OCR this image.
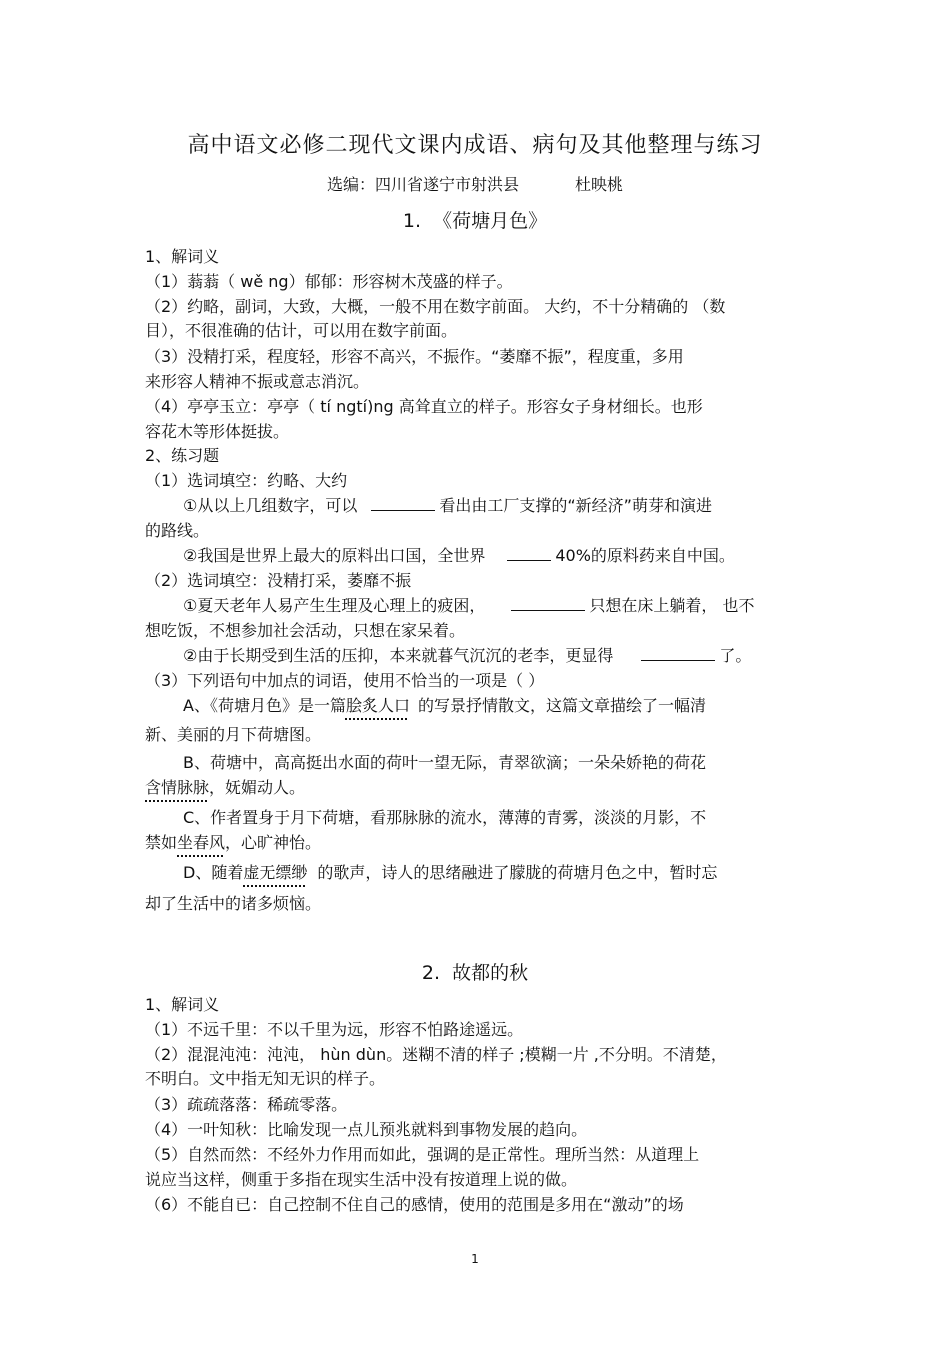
高中语文必修二现代文课内成语、病句及其他整理与练习
选编：四川省遂宁市射洪县	杜映桃
1. 《荷塘月色》
1、解词义
（1）蓊蓊（ wě ng）郁郁：形容树木茂盛的样子。
（2）约略，副词，大致，大概，一般不用在数字前面。 大约，不十分精确的 （数
目），不很准确的估计，可以用在数字前面。
（3）没精打采，程度轻，形容不高兴，不振作。“萎靡不振”，程度重，多用
来形容人精神不振或意志消沉。
（4）亭亭玉立：亭亭（ tí ngtí)ng 高耸直立的样子。形容女子身材细长。也形
容花木等形体挺拔。
2、练习题
（1）选词填空：约略、大约
①从以上几组数字，可以	看出由工厂支撑的“新经济”萌芽和演进
的路线。
②我国是世界上最大的原料出口国，全世界	40%的原料药来自中国。
（2）选词填空：没精打采，萎靡不振
①夏天老年人易产生生理及心理上的疲困，	只想在床上躺着， 也不
想吃饭，不想参加社会活动，只想在家呆着。
②由于长期受到生活的压抑，本来就暮气沉沉的老李，更显得	了。
（3）下列语句中加点的词语，使用不恰当的一项是（ ）
A、《荷塘月色》是一篇脍炙人口 的写景抒情散文，这篇文章描绘了一幅清
新、美丽的月下荷塘图。
B、荷塘中，高高挺出水面的荷叶一望无际，青翠欲滴；一朵朵娇艳的荷花
含情脉脉，妩媚动人。
C、作者置身于月下荷塘，看那脉脉的流水，薄薄的青雾，淡淡的月影，不
禁如坐春风，心旷神怡。
D、随着虚无缥缈 的歌声，诗人的思绪融进了朦胧的荷塘月色之中，暂时忘
却了生活中的诸多烦恼。
2. 故都的秋
1、解词义
（1）不远千里：不以千里为远，形容不怕路途遥远。
（2）混混沌沌：沌沌， hùn dùn。迷糊不清的样子 ;模糊一片 ,不分明。不清楚，
不明白。文中指无知无识的样子。
（3）疏疏落落：稀疏零落。
（4）一叶知秋：比喻发现一点儿预兆就料到事物发展的趋向。
（5）自然而然：不经外力作用而如此，强调的是正常性。理所当然：从道理上
说应当这样，侧重于多指在现实生活中没有按道理上说的做。
（6）不能自已：自己控制不住自己的感情，使用的范围是多用在“激动”的场
1
